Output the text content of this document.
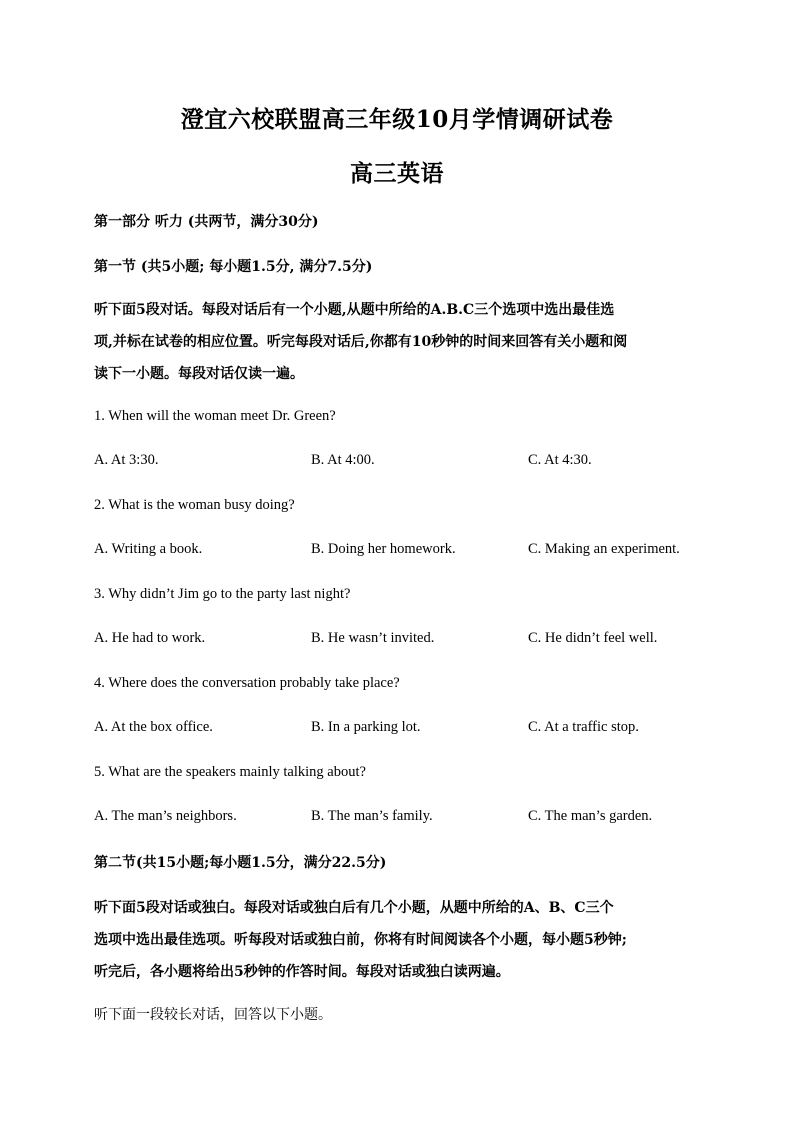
澄宜六校联盟高三年级10月学情调研试卷
高三英语
第一部分 听力 (共两节，满分30分)
第一节 (共5小题; 每小题1.5分, 满分7.5分)
听下面5段对话。每段对话后有一个小题,从题中所给的A.B.C三个选项中选出最佳选
项,并标在试卷的相应位置。听完每段对话后,你都有10秒钟的时间来回答有关小题和阅
读下一小题。每段对话仅读一遍。
1. When will the woman meet Dr. Green?
A. At 3:30.	B. At 4:00.	C. At 4:30.
2. What is the woman busy doing?
A. Writing a book.	B. Doing her homework.	C. Making an experiment.
3. Why didn’t Jim go to the party last night?
A. He had to work.	B. He wasn’t invited.	C. He didn’t feel well.
4. Where does the conversation probably take place?
A. At the box office.	B. In a parking lot.	C. At a traffic stop.
5. What are the speakers mainly talking about?
A. The man’s neighbors.	B. The man’s family.	C. The man’s garden.
第二节(共15小题;每小题1.5分，满分22.5分)
听下面5段对话或独白。每段对话或独白后有几个小题，从题中所给的A、B、C三个
选项中选出最佳选项。听每段对话或独白前，你将有时间阅读各个小题，每小题5秒钟;
听完后，各小题将给出5秒钟的作答时间。每段对话或独白读两遍。
听下面一段较长对话，回答以下小题。
